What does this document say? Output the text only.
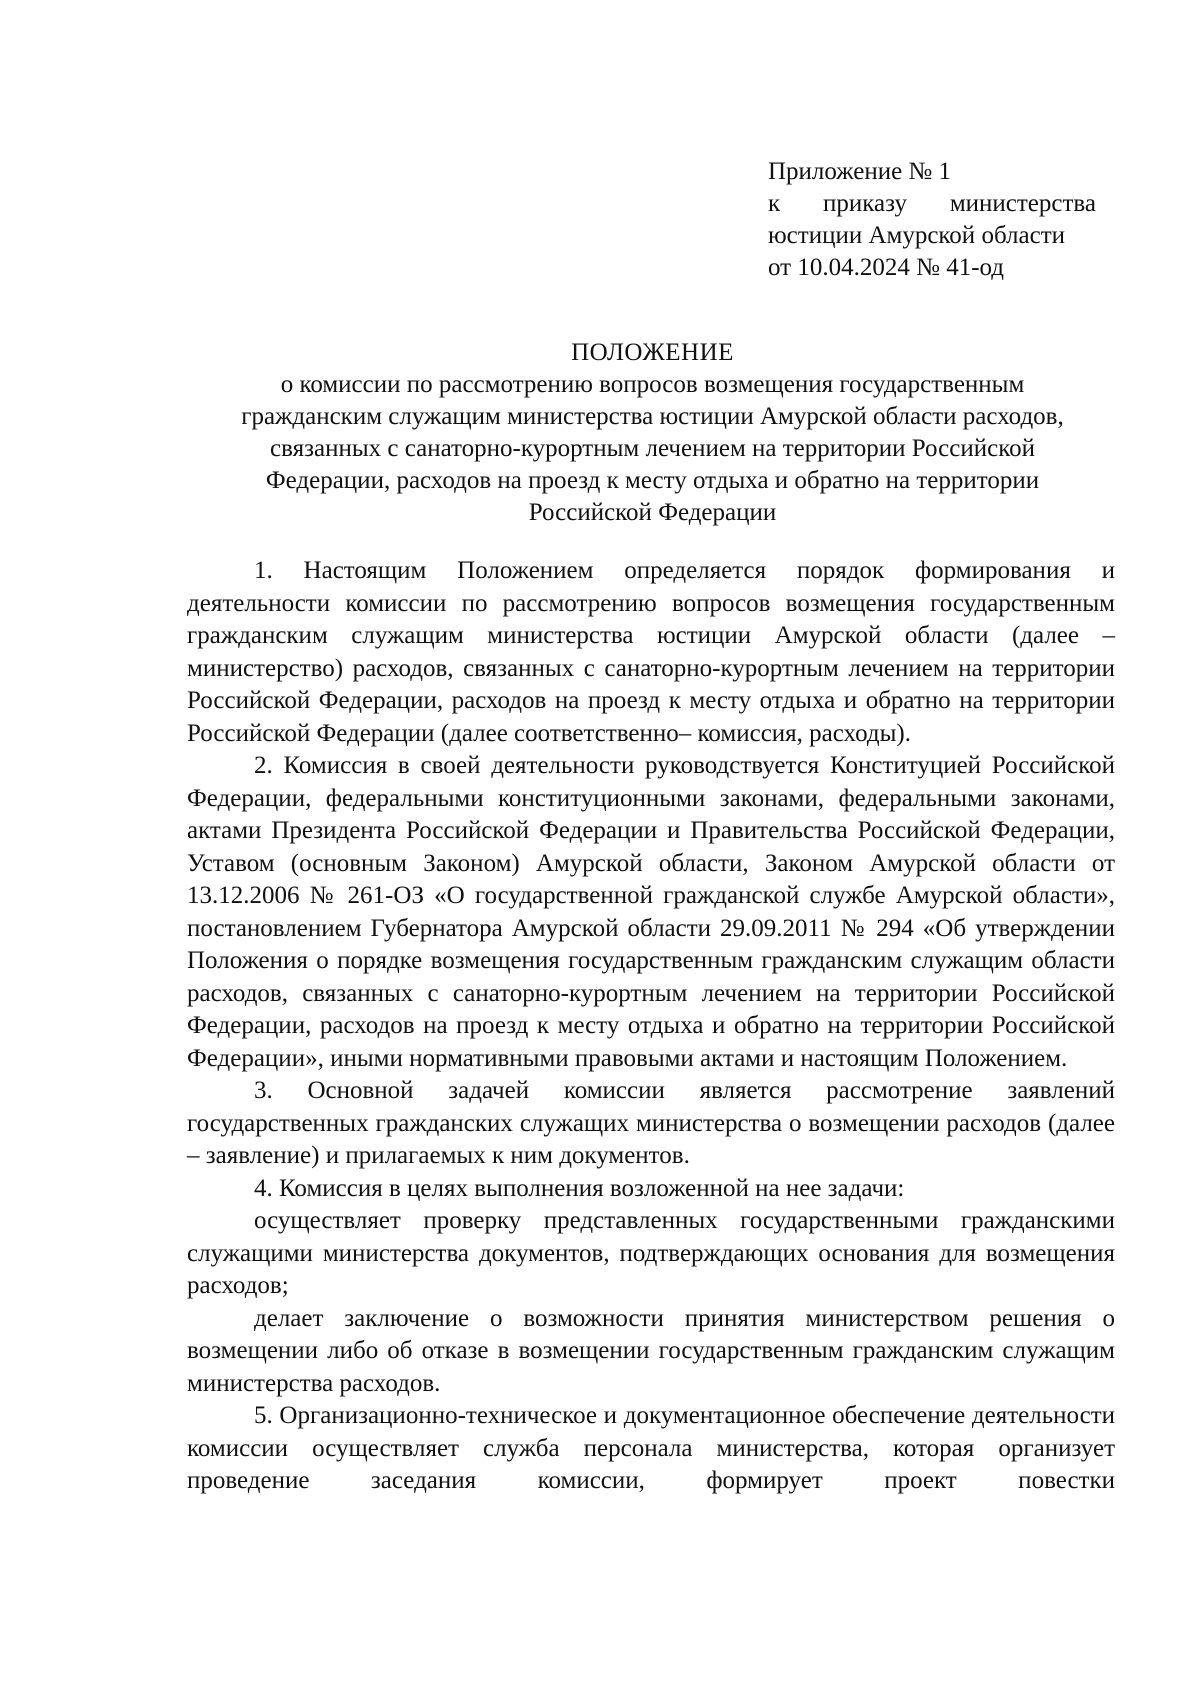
Приложение № 1
к приказу министерства
юстиции Амурской области
от 10.04.2024 № 41-од
ПОЛОЖЕНИЕ
о комиссии по рассмотрению вопросов возмещения государственным
гражданским служащим министерства юстиции Амурской области расходов,
связанных с санаторно-курортным лечением на территории Российской
Федерации, расходов на проезд к месту отдыха и обратно на территории
Российской Федерации

1. Настоящим Положением определяется порядок формирования и деятельности комиссии по рассмотрению вопросов возмещения государственным гражданским служащим министерства юстиции Амурской области (далее – министерство) расходов, связанных с санаторно-курортным лечением на территории Российской Федерации, расходов на проезд к месту отдыха и обратно на территории Российской Федерации (далее соответственно– комиссия, расходы).

2. Комиссия в своей деятельности руководствуется Конституцией Российской Федерации, федеральными конституционными законами, федеральными законами, актами Президента Российской Федерации и Правительства Российской Федерации, Уставом (основным Законом) Амурской области, Законом Амурской области от 13.12.2006 № 261-ОЗ «О государственной гражданской службе Амурской области», постановлением Губернатора Амурской области 29.09.2011 № 294 «Об утверждении Положения о порядке возмещения государственным гражданским служащим области расходов, связанных с санаторно-курортным лечением на территории Российской Федерации, расходов на проезд к месту отдыха и обратно на территории Российской Федерации», иными нормативными правовыми актами и настоящим Положением.

3. Основной задачей комиссии является рассмотрение заявлений государственных гражданских служащих министерства о возмещении расходов (далее – заявление) и прилагаемых к ним документов.

4. Комиссия в целях выполнения возложенной на нее задачи:

осуществляет проверку представленных государственными гражданскими служащими министерства документов, подтверждающих основания для возмещения расходов;

делает заключение о возможности принятия министерством решения о возмещении либо об отказе в возмещении государственным гражданским служащим министерства расходов.

5. Организационно-техническое и документационное обеспечение деятельности комиссии осуществляет служба персонала министерства, которая организует проведение заседания комиссии, формирует проект повестки
